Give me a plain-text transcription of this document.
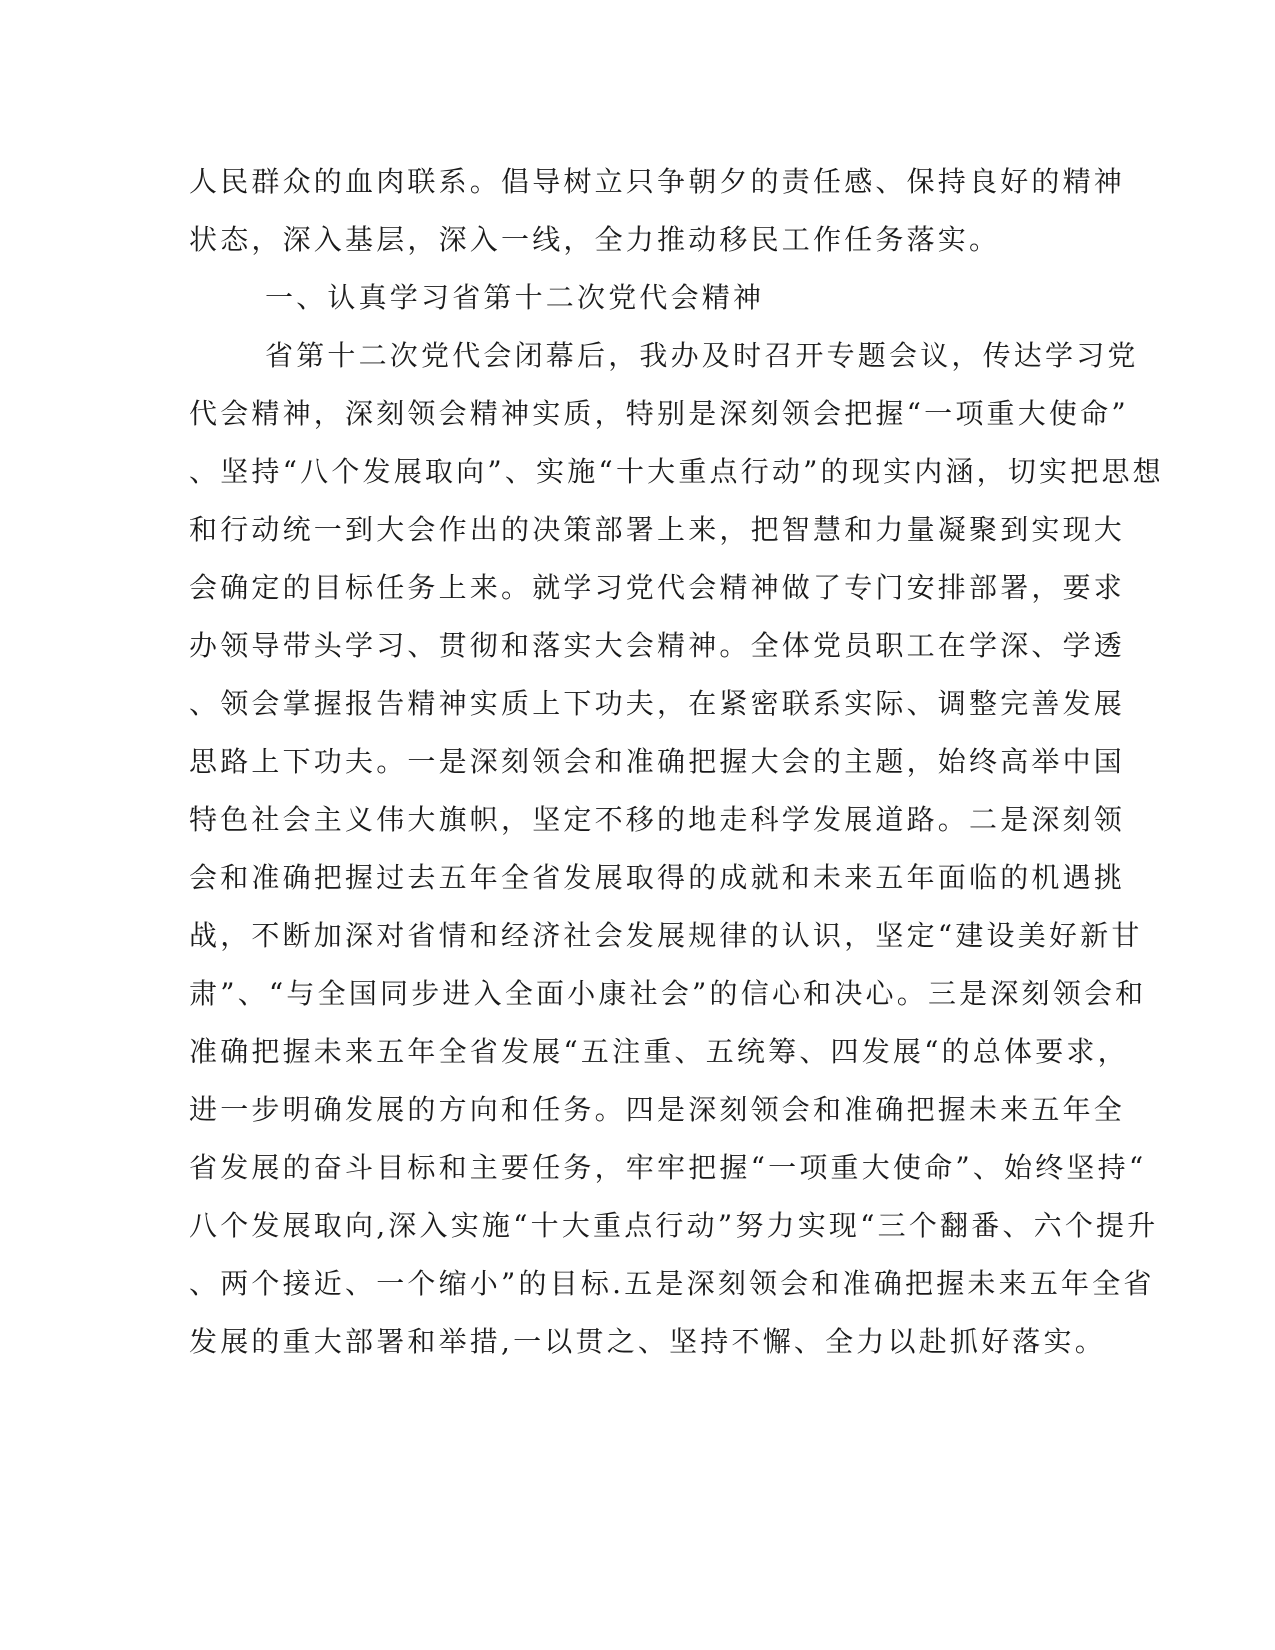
人民群众的血肉联系。倡导树立只争朝夕的责任感、保持良好的精神
状态，深入基层，深入一线，全力推动移民工作任务落实。
一、认真学习省第十二次党代会精神
省第十二次党代会闭幕后，我办及时召开专题会议，传达学习党
代会精神，深刻领会精神实质，特别是深刻领会把握“一项重大使命”
、坚持“八个发展取向”、实施“十大重点行动”的现实内涵，切实把思想
和行动统一到大会作出的决策部署上来，把智慧和力量凝聚到实现大
会确定的目标任务上来。就学习党代会精神做了专门安排部署，要求
办领导带头学习、贯彻和落实大会精神。全体党员职工在学深、学透
、领会掌握报告精神实质上下功夫，在紧密联系实际、调整完善发展
思路上下功夫。一是深刻领会和准确把握大会的主题，始终高举中国
特色社会主义伟大旗帜，坚定不移的地走科学发展道路。二是深刻领
会和准确把握过去五年全省发展取得的成就和未来五年面临的机遇挑
战，不断加深对省情和经济社会发展规律的认识，坚定“建设美好新甘
肃”、“与全国同步进入全面小康社会”的信心和决心。三是深刻领会和
准确把握未来五年全省发展“五注重、五统筹、四发展“的总体要求，
进一步明确发展的方向和任务。四是深刻领会和准确把握未来五年全
省发展的奋斗目标和主要任务，牢牢把握“一项重大使命”、始终坚持“
八个发展取向,深入实施“十大重点行动”努力实现“三个翻番、六个提升
、两个接近、一个缩小”的目标.五是深刻领会和准确把握未来五年全省
发展的重大部署和举措,一以贯之、坚持不懈、全力以赴抓好落实。
